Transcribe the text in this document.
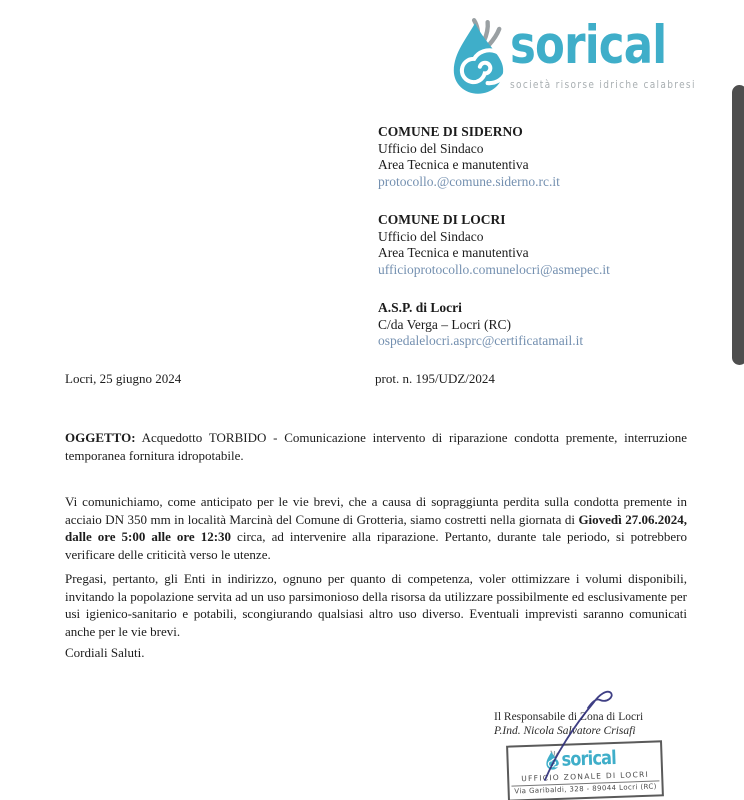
sorical
società risorse idriche calabresi
COMUNE DI SIDERNO
Ufficio del Sindaco
Area Tecnica e manutentiva
protocollo.@comune.siderno.rc.it
COMUNE DI LOCRI
Ufficio del Sindaco
Area Tecnica e manutentiva
ufficioprotocollo.comunelocri@asmepec.it
A.S.P. di Locri
C/da Verga – Locri (RC)
ospedalelocri.asprc@certificatamail.it
Locri, 25 giugno 2024	prot. n. 195/UDZ/2024

OGGETTO: Acquedotto TORBIDO - Comunicazione intervento di riparazione condotta premente, interruzione temporanea fornitura idropotabile.

Vi comunichiamo, come anticipato per le vie brevi, che a causa di sopraggiunta perdita sulla condotta premente in acciaio DN 350 mm in località Marcinà del Comune di Grotteria, siamo costretti nella giornata di Giovedì 27.06.2024, dalle ore 5:00 alle ore 12:30 circa, ad intervenire alla riparazione. Pertanto, durante tale periodo, si potrebbero verificare delle criticità verso le utenze.

Pregasi, pertanto, gli Enti in indirizzo, ognuno per quanto di competenza, voler ottimizzare i volumi disponibili, invitando la popolazione servita ad un uso parsimonioso della risorsa da utilizzare possibilmente ed esclusivamente per usi igienico-sanitario e potabili, scongiurando qualsiasi altro uso diverso. Eventuali imprevisti saranno comunicati anche per le vie brevi.

Cordiali Saluti.

Il Responsabile di Zona di Locri
P.Ind. Nicola Salvatore Crisafi
sorical
UFFICIO ZONALE DI LOCRI
Via Garibaldi, 328 - 89044 Locri (RC)
